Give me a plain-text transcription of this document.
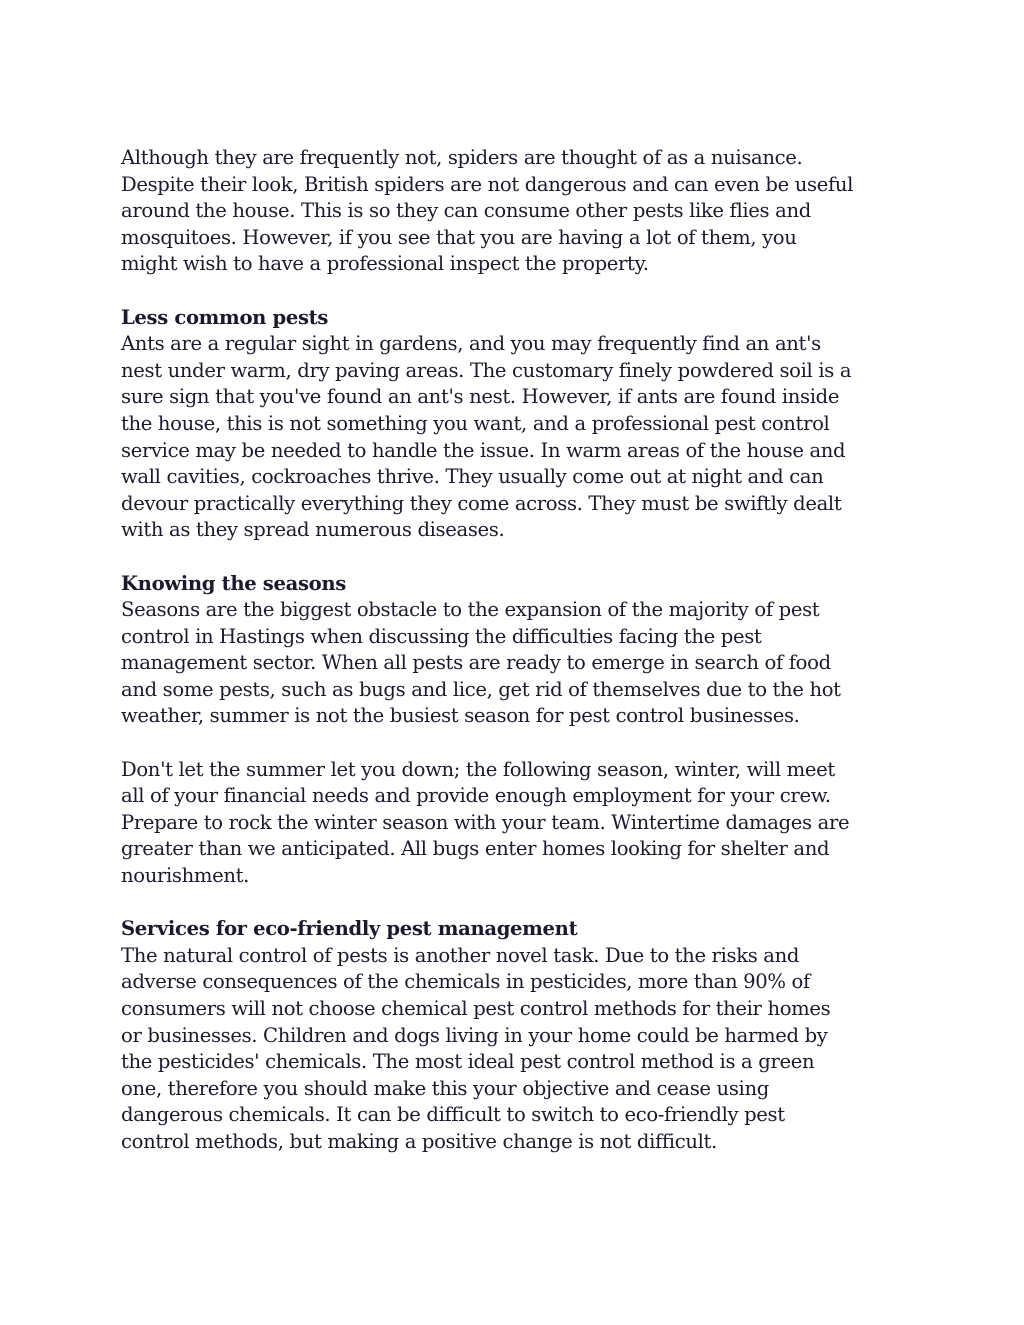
Although they are frequently not, spiders are thought of as a nuisance.
Despite their look, British spiders are not dangerous and can even be useful
around the house. This is so they can consume other pests like flies and
mosquitoes. However, if you see that you are having a lot of them, you
might wish to have a professional inspect the property.
Less common pests
Ants are a regular sight in gardens, and you may frequently find an ant's
nest under warm, dry paving areas. The customary finely powdered soil is a
sure sign that you've found an ant's nest. However, if ants are found inside
the house, this is not something you want, and a professional pest control
service may be needed to handle the issue. In warm areas of the house and
wall cavities, cockroaches thrive. They usually come out at night and can
devour practically everything they come across. They must be swiftly dealt
with as they spread numerous diseases.
Knowing the seasons
Seasons are the biggest obstacle to the expansion of the majority of pest
control in Hastings when discussing the difficulties facing the pest
management sector. When all pests are ready to emerge in search of food
and some pests, such as bugs and lice, get rid of themselves due to the hot
weather, summer is not the busiest season for pest control businesses.
Don't let the summer let you down; the following season, winter, will meet
all of your financial needs and provide enough employment for your crew.
Prepare to rock the winter season with your team. Wintertime damages are
greater than we anticipated. All bugs enter homes looking for shelter and
nourishment.
Services for eco-friendly pest management
The natural control of pests is another novel task. Due to the risks and
adverse consequences of the chemicals in pesticides, more than 90% of
consumers will not choose chemical pest control methods for their homes
or businesses. Children and dogs living in your home could be harmed by
the pesticides' chemicals. The most ideal pest control method is a green
one, therefore you should make this your objective and cease using
dangerous chemicals. It can be difficult to switch to eco-friendly pest
control methods, but making a positive change is not difficult.
